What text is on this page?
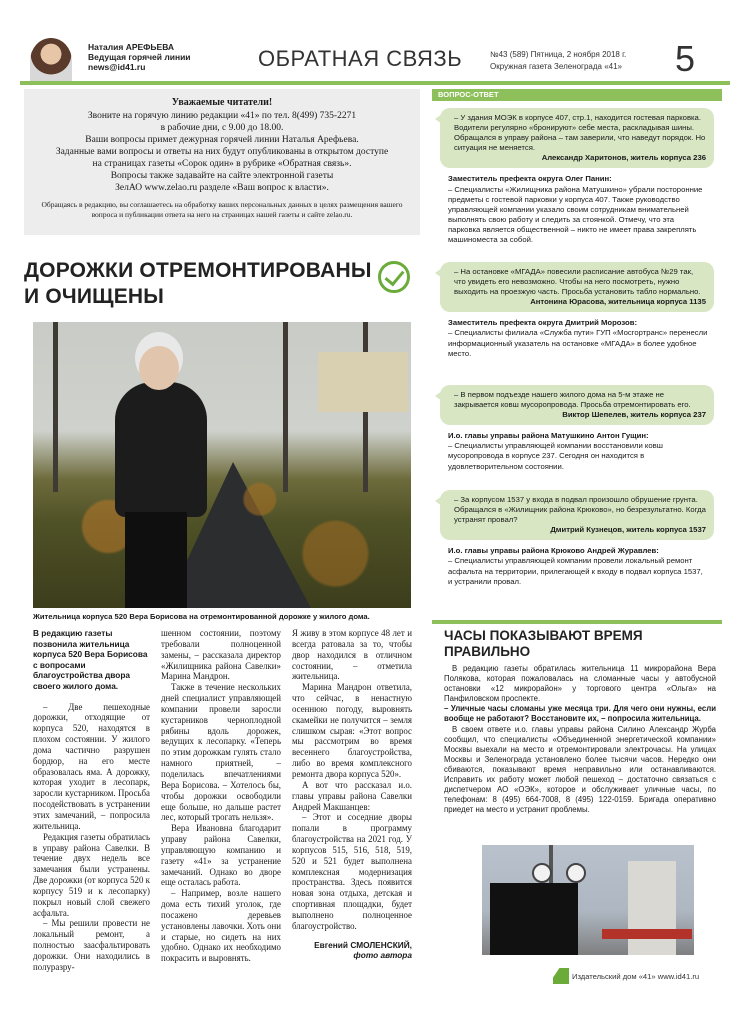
Наталия АРЕФЬЕВА
Ведущая горячей линии
news@id41.ru	ОБРАТНАЯ СВЯЗЬ	№43 (589) Пятница, 2 ноября 2018 г.
Окружная газета Зеленограда «41» 5
Уважаемые читатели!
Звоните на горячую линию редакции «41» по тел. 8(499) 735-2271
в рабочие дни, с 9.00 до 18.00.
Ваши вопросы примет дежурная горячей линии Наталья Арефьева.
Заданные вами вопросы и ответы на них будут опубликованы в открытом доступе
на страницах газеты «Сорок один» в рубрике «Обратная связь».
Вопросы также задавайте на сайте электронной газеты
ЗелАО www.zelao.ru разделе «Ваш вопрос к власти».
Обращаясь в редакцию, вы соглашаетесь на обработку ваших персональных данных в целях размещения вашего вопроса и публикации ответа на него на страницах нашей газеты и сайте zelao.ru.
ДОРОЖКИ ОТРЕМОНТИРОВАНЫ И ОЧИЩЕНЫ
Жительница корпуса 520 Вера Борисова на отремонтированной дорожке у жилого дома.
В редакцию газеты позвонила жительница корпуса 520 Вера Борисова с вопросами благоустройства двора своего жилого дома.

– Две пешеходные дорожки, отходящие от корпуса 520, находятся в плохом состоянии. У жилого дома частично разрушен бордюр, на его месте образовалась яма. А дорожку, которая уходит в лесопарк, заросли кустарником. Просьба посодействовать в устранении этих замечаний, – попросила жительница.

Редакция газеты обратилась в управу района Савелки. В течение двух недель все замечания были устранены. Две дорожки (от корпуса 520 к корпусу 519 и к лесопарку) покрыл новый слой свежего асфальта.

– Мы решили провести не локальный ремонт, а полностью заасфальтировать дорожки. Они находились в полуразру-

шенном состоянии, поэтому требовали полноценной замены, – рассказала директор «Жилищника района Савелки» Марина Мандрон.

Также в течение нескольких дней специалист управляющей компании провели заросли кустарников черноплодной рябины вдоль дорожек, ведущих к лесопарку. «Теперь по этим дорожкам гулять стало намного приятней, – поделилась впечатлениями Вера Борисова. – Хотелось бы, чтобы дорожки освободили еще больше, но дальше растет лес, который трогать нельзя».

Вера Ивановна благодарит управу района Савелки, управляющую компанию и газету «41» за устранение замечаний. Однако во дворе еще осталась работа.

– Например, возле нашего дома есть тихий уголок, где посажено деревьев установлены лавочки. Хоть они и старые, но сидеть на них удобно. Однако их необходимо покрасить и выровнять.

Я живу в этом корпусе 48 лет и всегда ратовала за то, чтобы двор находился в отличном состоянии, – отметила жительница.

Марина Мандрон ответила, что сейчас, в ненастную осеннюю погоду, выровнять скамейки не получится – земля слишком сырая: «Этот вопрос мы рассмотрим во время весеннего благоустройства, либо во время комплексного ремонта двора корпуса 520».

А вот что рассказал и.о. главы управы района Савелки Андрей Макшанцев:

– Этот и соседние дворы попали в программу благоустройства на 2021 год. У корпусов 515, 516, 518, 519, 520 и 521 будет выполнена комплексная модернизация пространства. Здесь появится новая зона отдыха, детская и спортивная площадки, будет выполнено полноценное благоустройство.

Евгений СМОЛЕНСКИЙ,
фото автора
ВОПРОС-ОТВЕТ
– У здания МОЭК в корпусе 407, стр.1, находится гостевая парковка. Водители регулярно «бронируют» себе места, раскладывая шины. Обращался в управу района – там заверили, что наведут порядок. Но ситуация не меняется.
Александр Харитонов, житель корпуса 236
Заместитель префекта округа Олег Панин:
– Специалисты «Жилищника района Матушкино» убрали посторонние предметы с гостевой парковки у корпуса 407. Также руководство управляющей компании указало своим сотрудникам внимательней выполнять свою работу и следить за стоянкой. Отмечу, что эта парковка является общественной – никто не имеет права закреплять машиноместа за собой.
– На остановке «МГАДА» повесили расписание автобуса №29 так, что увидеть его невозможно. Чтобы на него посмотреть, нужно выходить на проезжую часть. Просьба установить табло нормально.
Антонина Юрасова, жительница корпуса 1135
Заместитель префекта округа Дмитрий Морозов:
– Специалисты филиала «Служба пути» ГУП «Мосгортранс» перенесли информационный указатель на остановке «МГАДА» в более удобное место.
– В первом подъезде нашего жилого дома на 5-м этаже не закрывается ковш мусоропровода. Просьба отремонтировать его.
Виктор Шепелев, житель корпуса 237
И.о. главы управы района Матушкино Антон Гущин:
– Специалисты управляющей компании восстановили ковш мусоропровода в корпусе 237. Сегодня он находится в удовлетворительном состоянии.
– За корпусом 1537 у входа в подвал произошло обрушение грунта. Обращался в «Жилищник района Крюково», но безрезультатно. Когда устранят провал?
Дмитрий Кузнецов, житель корпуса 1537
И.о. главы управы района Крюково Андрей Журавлев:
– Специалисты управляющей компании провели локальный ремонт асфальта на территории, прилегающей к входу в подвал корпуса 1537, и устранили провал.
ЧАСЫ ПОКАЗЫВАЮТ ВРЕМЯ ПРАВИЛЬНО

В редакцию газеты обратилась жительница 11 микрорайона Вера Полякова, которая пожаловалась на сломанные часы у автобусной остановки «12 микрорайон» у торгового центра «Ольга» на Панфиловском проспекте.

– Уличные часы сломаны уже месяца три. Для чего они нужны, если вообще не работают? Восстановите их, – попросила жительница.

В своем ответе и.о. главы управы района Силино Александр Журба сообщил, что специалисты «Объединенной энергетической компании» Москвы выехали на место и отремонтировали электрочасы. На улицах Москвы и Зеленограда установлено более тысячи часов. Нередко они сбиваются, показывают время неправильно или останавливаются. Исправить их работу может любой пешеход – достаточно связаться с диспетчером АО «ОЭК», которое и обслуживает уличные часы, по телефонам: 8 (495) 664-7008, 8 (495) 122-0159. Бригада оперативно приедет на место и устранит проблемы.

Издательский дом «41» www.id41.ru
